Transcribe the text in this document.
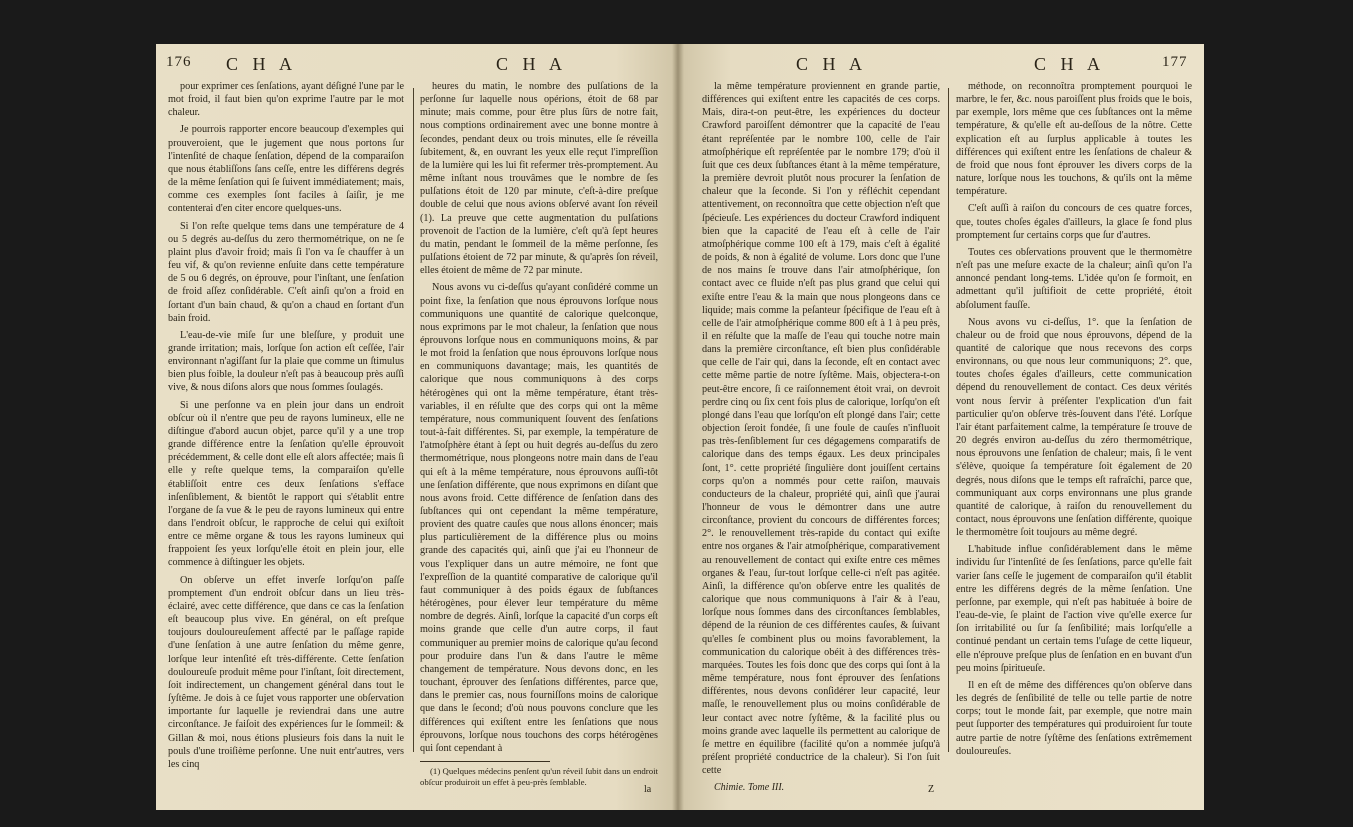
176 C H A	C H A

pour exprimer ces ſenſations, ayant déſigné l'une par le mot froid, il faut bien qu'on exprime l'autre par le mot chaleur.

Je pourrois rapporter encore beaucoup d'exemples qui prouveroient, que le jugement que nous portons ſur l'intenſité de chaque ſenſation, dépend de la comparaiſon que nous établiſſons ſans ceſſe, entre les différens degrés de la même ſenſation qui ſe ſuivent immédiatement; mais, comme ces exemples ſont faciles à ſaiſir, je me contenterai d'en citer encore quelques-uns.

Si l'on reſte quelque tems dans une température de 4 ou 5 degrés au-deſſus du zero thermométrique, on ne ſe plaint plus d'avoir froid; mais ſi l'on va ſe chauffer à un feu vif, & qu'on revienne enſuite dans cette température de 5 ou 6 degrés, on éprouve, pour l'inſtant, une ſenſation de froid aſſez conſidérable. C'eſt ainſi qu'on a froid en ſortant d'un bain chaud, & qu'on a chaud en ſortant d'un bain froid.

L'eau-de-vie miſe ſur une bleſſure, y produit une grande irritation; mais, lorſque ſon action eſt ceſſée, l'air environnant n'agiſſant ſur la plaie que comme un ſtimulus bien plus foible, la douleur n'eſt pas à beaucoup près auſſi vive, & nous diſons alors que nous ſommes ſoulagés.

Si une perſonne va en plein jour dans un endroit obſcur où il n'entre que peu de rayons lumineux, elle ne diſtingue d'abord aucun objet, parce qu'il y a une trop grande différence entre la ſenſation qu'elle éprouvoit précédemment, & celle dont elle eſt alors affectée; mais ſi elle y reſte quelque tems, la comparaiſon qu'elle établiſſoit entre ces deux ſenſations s'efface inſenſiblement, & bientôt le rapport qui s'établit entre l'organe de ſa vue & le peu de rayons lumineux qui entre dans l'endroit obſcur, le rapproche de celui qui exiſtoit entre ce même organe & tous les rayons lumineux qui frappoient ſes yeux lorſqu'elle étoit en plein jour, elle commence à diſtinguer les objets.

On obſerve un effet inverſe lorſqu'on paſſe promptement d'un endroit obſcur dans un lieu très-éclairé, avec cette différence, que dans ce cas la ſenſation eſt beaucoup plus vive. En général, on eſt preſque toujours douloureuſement affecté par le paſſage rapide d'une ſenſation à une autre ſenſation du même genre, lorſque leur intenſité eſt très-différente. Cette ſenſation douloureuſe produit même pour l'inſtant, ſoit directement, ſoit indirectement, un changement général dans tout le ſyſtême. Je dois à ce ſujet vous rapporter une obſervation importante ſur laquelle je reviendrai dans une autre circonſtance. Je faiſoit des expériences ſur le ſommeil: & Gillan & moi, nous étions plusieurs fois dans la nuit le pouls d'une troiſième perſonne. Une nuit entr'autres, vers les cinq

heures du matin, le nombre des pulſations de la perſonne ſur laquelle nous opérions, étoit de 68 par minute; mais comme, pour être plus ſûrs de notre fait, nous comptions ordinairement avec une bonne montre à ſecondes, pendant deux ou trois minutes, elle ſe réveilla ſubitement, &, en ouvrant les yeux elle reçut l'impreſſion de la lumière qui les lui fit refermer très-promptement. Au même inſtant nous trouvâmes que le nombre de ſes pulſations étoit de 120 par minute, c'eſt-à-dire preſque double de celui que nous avions obſervé avant ſon réveil (1). La preuve que cette augmentation du pulſations provenoit de l'action de la lumière, c'eſt qu'à ſept heures du matin, pendant le ſommeil de la même perſonne, ſes pulſations étoient de 72 par minute, & qu'après ſon réveil, elles étoient de même de 72 par minute.

Nous avons vu ci-deſſus qu'ayant conſidéré comme un point fixe, la ſenſation que nous éprouvons lorſque nous communiquons une quantité de calorique quelconque, nous exprimons par le mot chaleur, la ſenſation que nous éprouvons lorſque nous en communiquons moins, & par le mot froid la ſenſation que nous éprouvons lorſque nous en communiquons davantage; mais, les quantités de calorique que nous communiquons à des corps hétérogènes qui ont la même température, étant très-variables, il en réſulte que des corps qui ont la même température, nous communiquent ſouvent des ſenſations tout-à-fait différentes. Si, par exemple, la température de l'atmoſphère étant à ſept ou huit degrés au-deſſus du zero thermométrique, nous plongeons notre main dans de l'eau qui eſt à la même température, nous éprouvons auſſi-tôt une ſenſation différente, que nous exprimons en diſant que nous avons froid. Cette différence de ſenſation dans des ſubſtances qui ont cependant la même température, provient des quatre cauſes que nous allons énoncer; mais plus particulièrement de la différence plus ou moins grande des capacités qui, ainſi que j'ai eu l'honneur de vous l'expliquer dans un autre mémoire, ne font que l'expreſſion de la quantité comparative de calorique qu'il faut communiquer à des poids égaux de ſubſtances hétérogènes, pour élever leur température du même nombre de degrés. Ainſi, lorſque la capacité d'un corps eſt moins grande que celle d'un autre corps, il faut communiquer au premier moins de calorique qu'au ſecond pour produire dans l'un & dans l'autre le même changement de température. Nous devons donc, en les touchant, éprouver des ſenſations différentes, parce que, dans le premier cas, nous fourniſſons moins de calorique que dans le ſecond; d'où nous pouvons conclure que les différences qui exiſtent entre les ſenſations que nous éprouvons, lorſque nous touchons des corps hétérogènes qui ſont cependant à

(1) Quelques médecins penſent qu'un réveil ſubit dans un endroit obſcur produiroit un effet à peu-près ſemblable.
la
C H A	C H A	177

la même température proviennent en grande partie, différences qui exiſtent entre les capacités de ces corps. Mais, dira-t-on peut-être, les expériences du docteur Crawford paroiſſent démontrer que la capacité de l'eau étant repréſentée par le nombre 100, celle de l'air atmoſphérique eſt repréſentée par le nombre 179; d'où il ſuit que ces deux ſubſtances étant à la même température, la première devroit plutôt nous procurer la ſenſation de chaleur que la ſeconde. Si l'on y réfléchit cependant attentivement, on reconnoîtra que cette objection n'eſt que ſpécieuſe. Les expériences du docteur Crawford indiquent bien que la capacité de l'eau eſt à celle de l'air atmoſphérique comme 100 eſt à 179, mais c'eſt à égalité de poids, & non à égalité de volume. Lors donc que l'une de nos mains ſe trouve dans l'air atmoſphérique, ſon contact avec ce fluide n'eſt pas plus grand que celui qui exiſte entre l'eau & la main que nous plongeons dans ce liquide; mais comme la peſanteur ſpécifique de l'eau eſt à celle de l'air atmoſphérique comme 800 eſt à 1 à peu près, il en réſulte que la maſſe de l'eau qui touche notre main dans la première circonſtance, eſt bien plus conſidérable que celle de l'air qui, dans la ſeconde, eſt en contact avec cette même partie de notre ſyſtême. Mais, objectera-t-on peut-être encore, ſi ce raiſonnement étoit vrai, on devroit perdre cinq ou ſix cent fois plus de calorique, lorſqu'on eſt plongé dans l'eau que lorſqu'on eſt plongé dans l'air; cette objection ſeroit fondée, ſi une foule de cauſes n'influoit pas très-ſenſiblement ſur ces dégagemens comparatifs de calorique dans des temps égaux. Les deux principales ſont, 1°. cette propriété ſingulière dont jouiſſent certains corps qu'on a nommés pour cette raiſon, mauvais conducteurs de la chaleur, propriété qui, ainſi que j'aurai l'honneur de vous le démontrer dans une autre circonſtance, provient du concours de différentes forces; 2°. le renouvellement très-rapide du contact qui exiſte entre nos organes & l'air atmoſphérique, comparativement au renouvellement de contact qui exiſte entre ces mêmes organes & l'eau, ſur-tout lorſque celle-ci n'eſt pas agitée. Ainſi, la différence qu'on obſerve entre les qualités de calorique que nous communiquons à l'air & à l'eau, lorſque nous ſommes dans des circonſtances ſemblables, dépend de la réunion de ces différentes cauſes, & ſuivant qu'elles ſe combinent plus ou moins favorablement, la communication du calorique obéit à des différences très-marquées. Toutes les fois donc que des corps qui ſont à la même température, nous font éprouver des ſenſations différentes, nous devons conſidérer leur capacité, leur maſſe, le renouvellement plus ou moins conſidérable de leur contact avec notre ſyſtême, & la facilité plus ou moins grande avec laquelle ils permettent au calorique de ſe mettre en équilibre (facilité qu'on a nommée juſqu'à préſent propriété conductrice de la chaleur). Si l'on ſuit cette

Chimie. Tome III.

méthode, on reconnoîtra promptement pourquoi le marbre, le fer, &c. nous paroiſſent plus froids que le bois, par exemple, lors même que ces ſubſtances ont la même température, & qu'elle eſt au-deſſous de la nôtre. Cette explication eſt au ſurplus applicable à toutes les différences qui exiſtent entre les ſenſations de chaleur & de froid que nous font éprouver les divers corps de la nature, lorſque nous les touchons, & qu'ils ont la même température.

C'eſt auſſi à raiſon du concours de ces quatre forces, que, toutes choſes égales d'ailleurs, la glace ſe fond plus promptement ſur certains corps que ſur d'autres.

Toutes ces obſervations prouvent que le thermomètre n'eſt pas une meſure exacte de la chaleur; ainſi qu'on l'a annoncé pendant long-tems. L'idée qu'on ſe formoit, en admettant qu'il juſtifioit de cette propriété, étoit abſolument fauſſe.

Nous avons vu ci-deſſus, 1°. que la ſenſation de chaleur ou de froid que nous éprouvons, dépend de la quantité de calorique que nous recevons des corps environnans, ou que nous leur communiquons; 2°. que, toutes choſes égales d'ailleurs, cette communication dépend du renouvellement de contact. Ces deux vérités vont nous ſervir à préſenter l'explication d'un fait particulier qu'on obſerve très-ſouvent dans l'été. Lorſque l'air étant parfaitement calme, la température ſe trouve de 20 degrés environ au-deſſus du zéro thermométrique, nous éprouvons une ſenſation de chaleur; mais, ſi le vent s'élève, quoique ſa température ſoit également de 20 degrés, nous diſons que le temps eſt rafraîchi, parce que, communiquant aux corps environnans une plus grande quantité de calorique, à raiſon du renouvellement du contact, nous éprouvons une ſenſation différente, quoique le thermomètre ſoit toujours au même degré.

L'habitude influe conſidérablement dans le même individu ſur l'intenſité de ſes ſenſations, parce qu'elle fait varier ſans ceſſe le jugement de comparaiſon qu'il établit entre les différens degrés de la même ſenſation. Une perſonne, par exemple, qui n'eſt pas habituée à boire de l'eau-de-vie, ſe plaint de l'action vive qu'elle exerce ſur ſon irritabilité ou ſur ſa ſenſibilité; mais lorſqu'elle a continué pendant un certain tems l'uſage de cette liqueur, elle n'éprouve preſque plus de ſenſation en en buvant d'un peu moins ſpiritueuſe.

Il en eſt de même des différences qu'on obſerve dans les degrés de ſenſibilité de telle ou telle partie de notre corps; tout le monde ſait, par exemple, que notre main peut ſupporter des températures qui produiroient ſur toute autre partie de notre ſyſtême des ſenſations extrêmement douloureuſes.

Z
